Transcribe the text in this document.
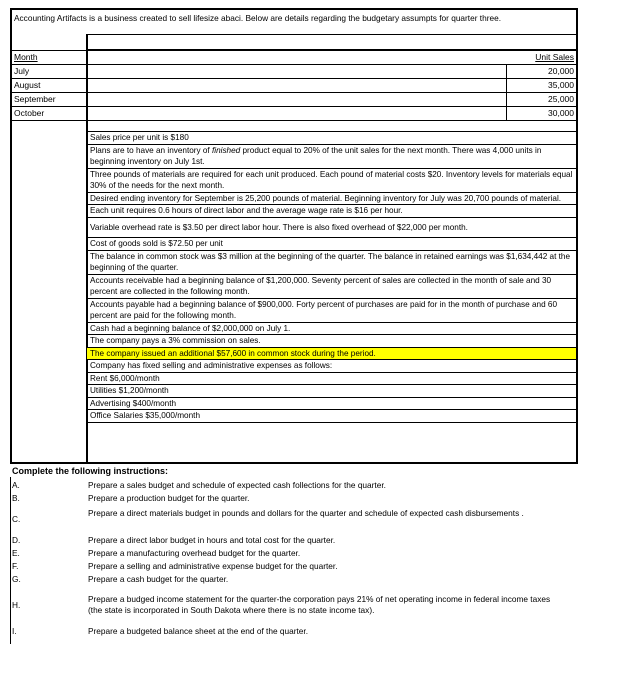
Accounting Artifacts is a business created to sell lifesize abaci. Below are details regarding the budgetary assumpts for quarter three.
Month	Unit Sales
July	20,000
August	35,000
September	25,000
October	30,000
Sales price per unit is $180
Plans are to have an inventory of finished product equal to 20% of the unit sales for the next month. There was 4,000 units in beginning inventory on July 1st.
Three pounds of materials are required for each unit produced. Each pound of material costs $20. Inventory levels for materials equal 30% of the needs for the next month.
Desired ending inventory for September is 25,200 pounds of material. Beginning inventory for July was 20,700 pounds of material.
Each unit requires 0.6 hours of direct labor and the average wage rate is $16 per hour.
Variable overhead rate is $3.50 per direct labor hour. There is also fixed overhead of $22,000 per month.
Cost of goods sold is $72.50 per unit
The balance in common stock was $3 million at the beginning of the quarter. The balance in retained earnings was $1,634,442 at the beginning of the quarter.
Accounts receivable had a beginning balance of $1,200,000. Seventy percent of sales are collected in the month of sale and 30 percent are collected in the following month.
Accounts payable had a beginning balance of $900,000. Forty percent of purchases are paid for in the month of purchase and 60 percent are paid for the following month.
Cash had a beginning balance of $2,000,000 on July 1.
The company pays a 3% commission on sales.
The company issued an additional $57,600 in common stock during the period.
Company has fixed selling and administrative expenses as follows:
Rent $6,000/month
Utilities $1,200/month
Advertising $400/month
Office Salaries $35,000/month
Complete the following instructions:
A.	Prepare a sales budget and schedule of expected cash follections for the quarter.
B.	Prepare a production budget for the quarter.
C.
Prepare a direct materials budget in pounds and dollars for the quarter and schedule of expected cash disbursements .
D.	Prepare a direct labor budget in hours and total cost for the quarter.
E.	Prepare a manufacturing overhead budget for the quarter.
F.	Prepare a selling and administrative expense budget for the quarter.
G.	Prepare a cash budget for the quarter.
H.
Prepare a budged income statement for the quarter-the corporation pays 21% of net operating income in federal income taxes (the state is incorporated in South Dakota where there is no state income tax).
I.	Prepare a budgeted balance sheet at the end of the quarter.
